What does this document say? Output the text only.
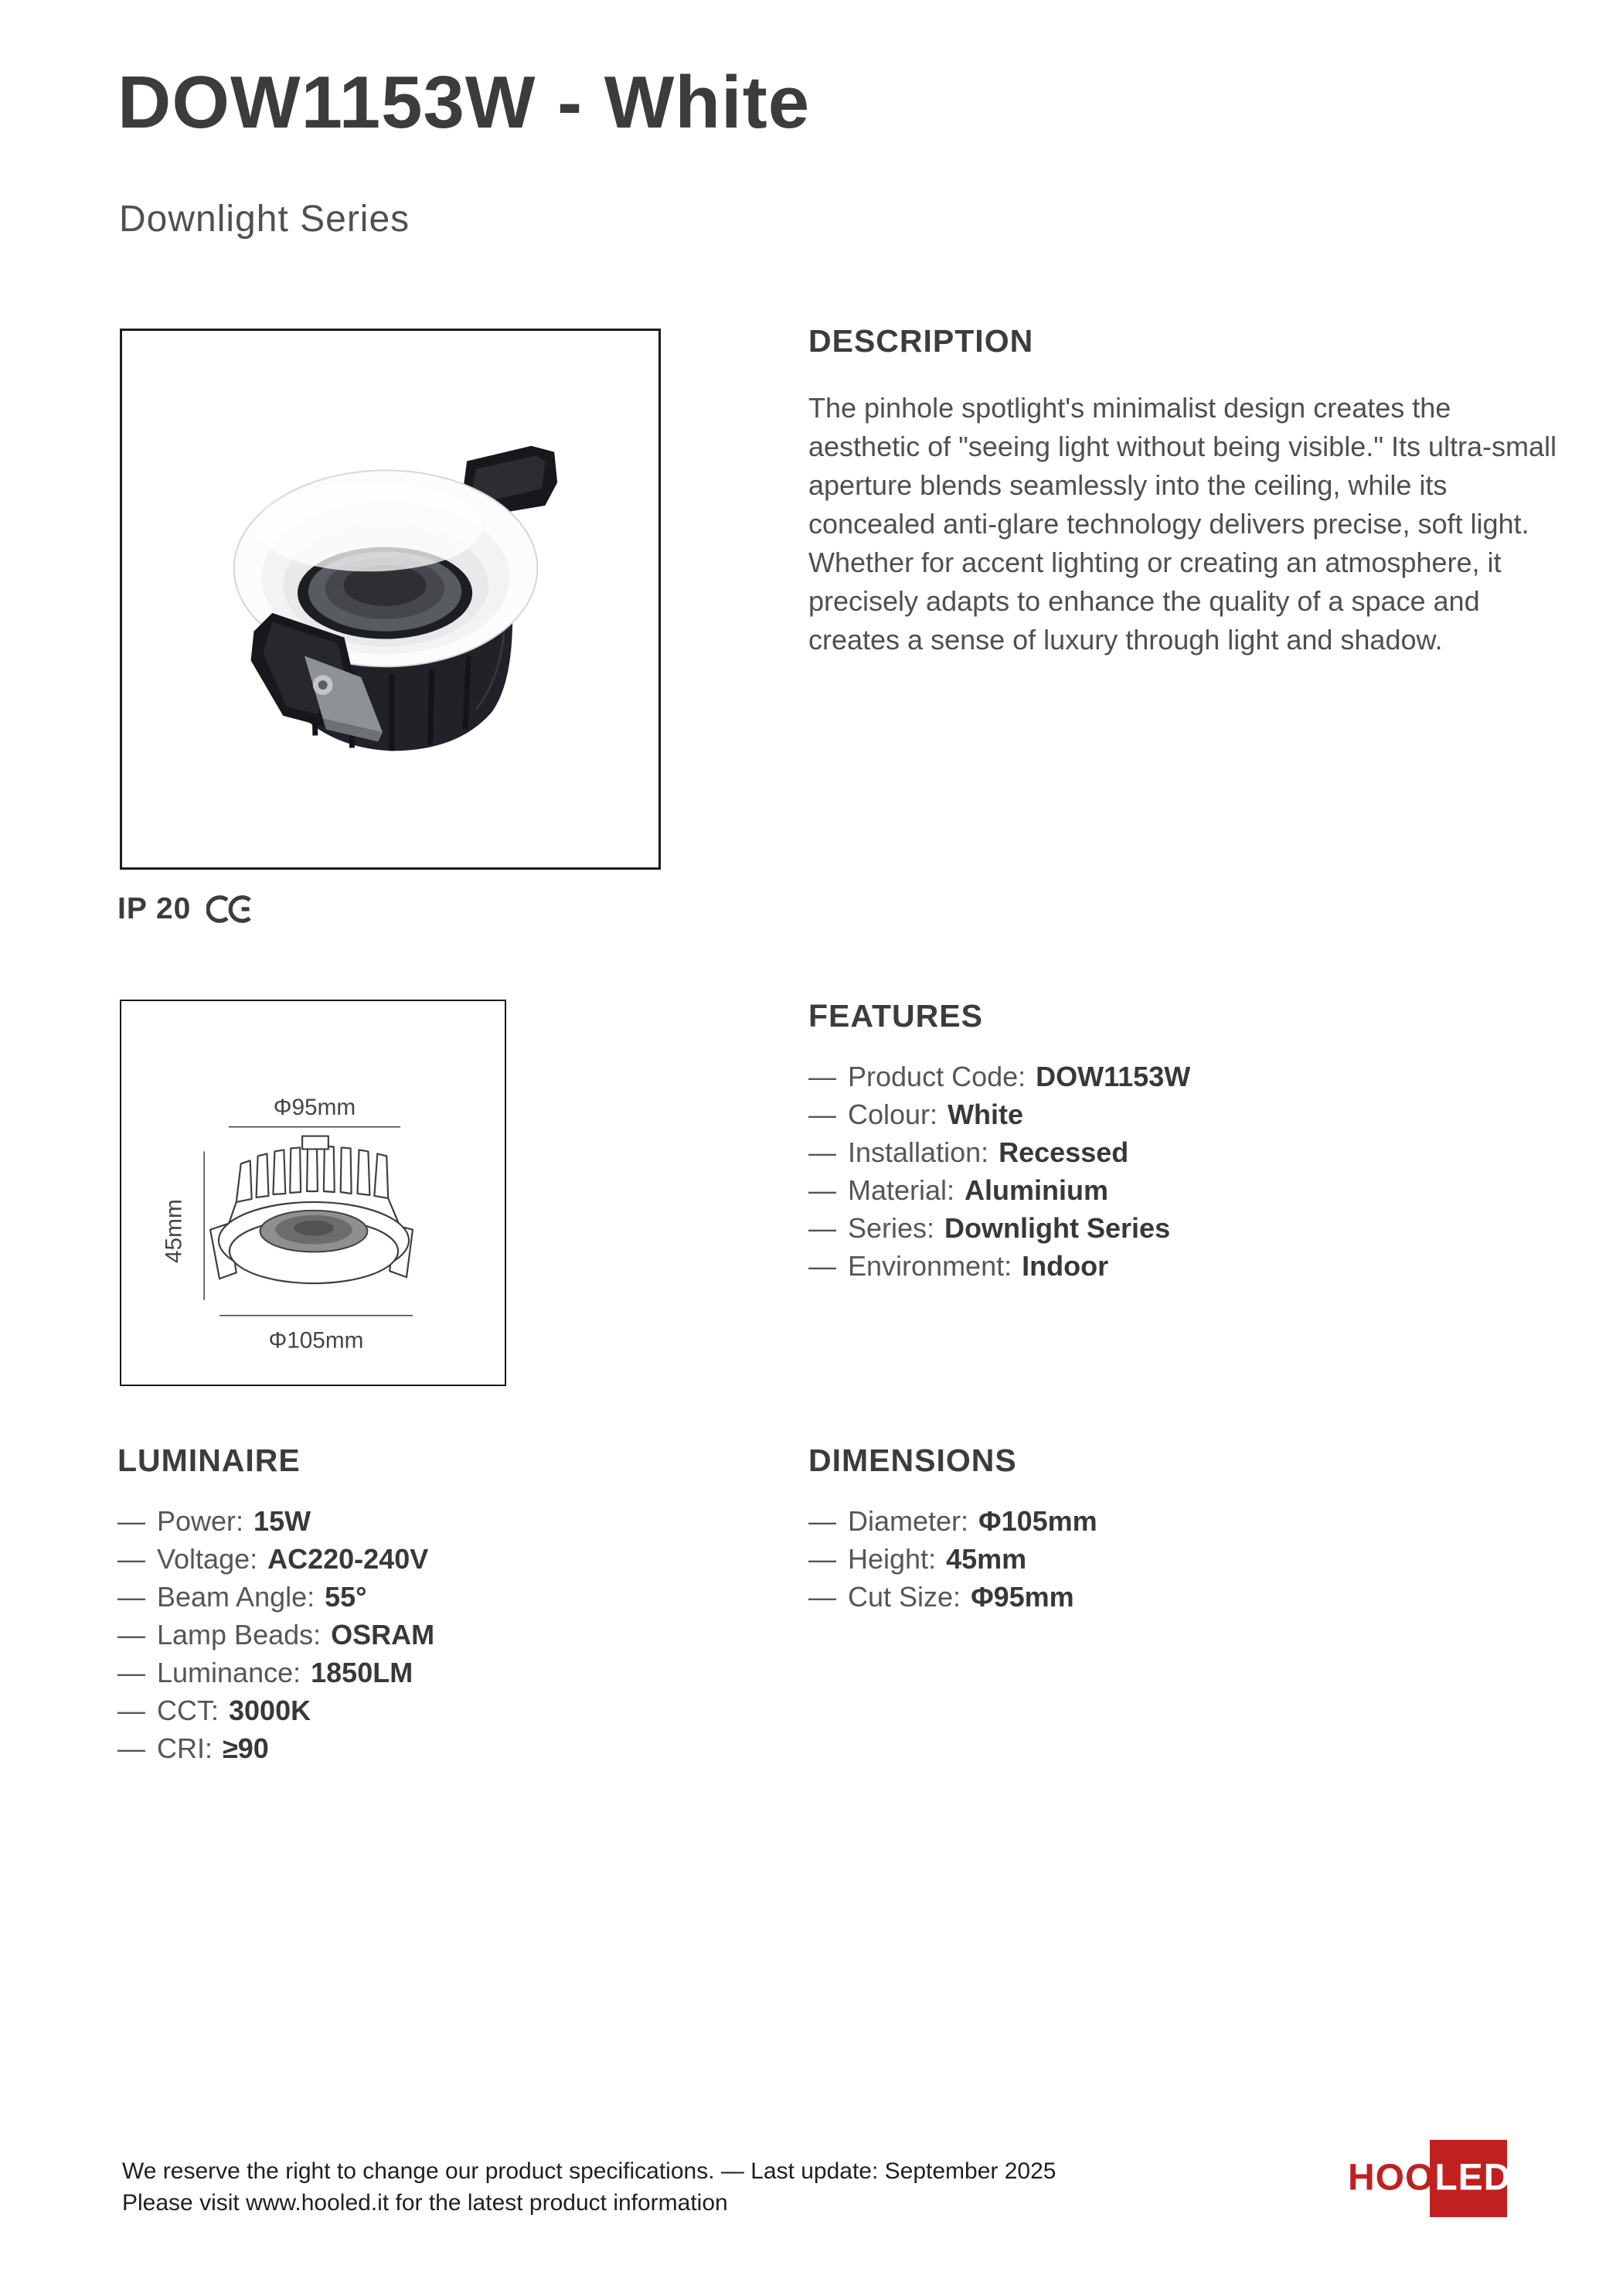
DOW1153W - White
Downlight Series
IP 20
Φ95mm
45mm
Φ105mm
DESCRIPTION
The pinhole spotlight's minimalist design creates the aesthetic of "seeing light without being visible." Its ultra-small aperture blends seamlessly into the ceiling, while its concealed anti-glare technology delivers precise, soft light. Whether for accent lighting or creating an atmosphere, it precisely adapts to enhance the quality of a space and creates a sense of luxury through light and shadow.
FEATURES
— Product Code: DOW1153W
— Colour: White
— Installation: Recessed
— Material: Aluminium
— Series: Downlight Series
— Environment: Indoor
LUMINAIRE
— Power: 15W
— Voltage: AC220-240V
— Beam Angle: 55°
— Lamp Beads: OSRAM
— Luminance: 1850LM
— CCT: 3000K
— CRI: ≥90
DIMENSIONS
— Diameter: Φ105mm
— Height: 45mm
— Cut Size: Φ95mm
We reserve the right to change our product specifications. — Last update: September 2025
Please visit www.hooled.it for the latest product information
HOOLED
